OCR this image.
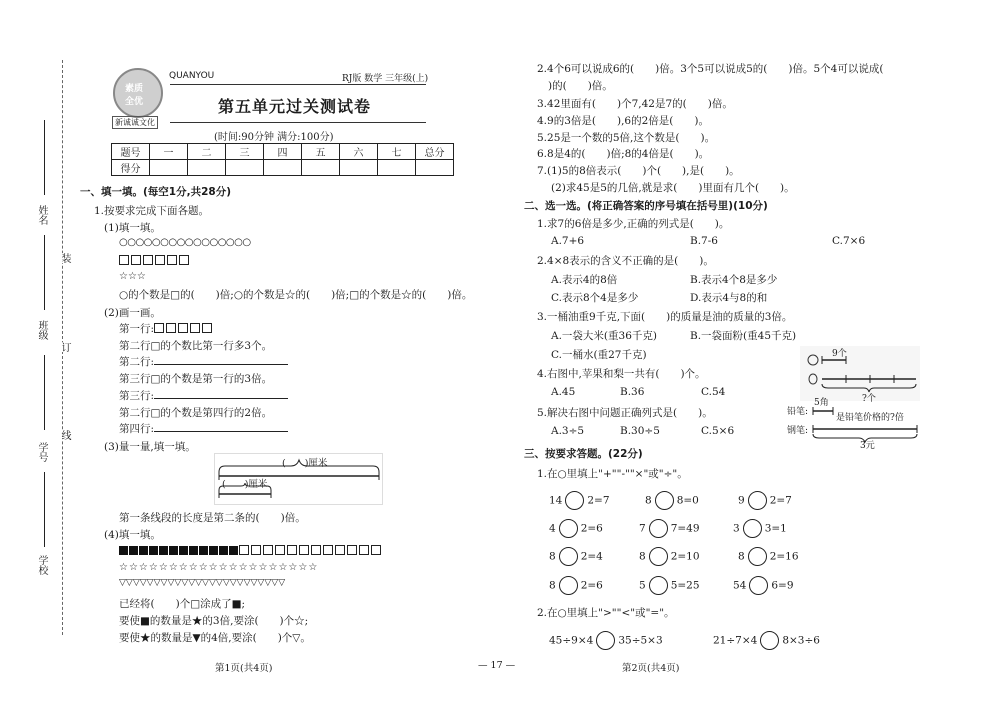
姓名
班级
学号
学校
装
订
线
素质
全优
新诚诚文化
QUANYOU	RJ版 数学 三年级(上)
第五单元过关测试卷
(时间:90分钟 满分:100分)
题号	一	二	三	四	五	六	七	总分
得分								
一、填一填。(每空1分,共28分)
1.按要求完成下面各题。
(1)填一填。
○○○○○○○○○○○○○○○○
☆☆☆
○的个数是□的(　　)倍;○的个数是☆的(　　)倍;□的个数是☆的(　　)倍。
(2)画一画。
第一行:
第二行□的个数比第一行多3个。
第二行:
第三行□的个数是第一行的3倍。
第三行:
第二行□的个数是第四行的2倍。
第四行:
(3)量一量,填一填。
(　　)厘米
(　　)厘米
第一条线段的长度是第二条的(　　)倍。
(4)填一填。
☆☆☆☆☆☆☆☆☆☆☆☆☆☆☆☆☆☆☆☆
▽▽▽▽▽▽▽▽▽▽▽▽▽▽▽▽▽▽▽▽▽▽▽▽
已经将(　　)个□涂成了■;
要使■的数量是★的3倍,要涂(　　)个☆;
要使★的数量是▼的4倍,要涂(　　)个▽。
第1页(共4页)	— 17 —
2.4个6可以说成6的(　　)倍。3个5可以说成5的(　　)倍。5个4可以说成(
)的(　　)倍。
3.42里面有(　　)个7,42是7的(　　)倍。
4.9的3倍是(　　),6的2倍是(　　)。
5.25是一个数的5倍,这个数是(　　)。
6.8是4的(　　)倍;8的4倍是(　　)。
7.(1)5的8倍表示(　　)个(　　),是(　　)。
(2)求45是5的几倍,就是求(　　)里面有几个(　　)。
二、选一选。(将正确答案的序号填在括号里)(10分)
1.求7的6倍是多少,正确的列式是(　　)。
A.7+6	B.7-6	C.7×6
2.4×8表示的含义不正确的是(　　)。
A.表示4的8倍	B.表示4个8是多少
C.表示8个4是多少	D.表示4与8的和
3.一桶油重9千克,下面(　　)的质量是油的质量的3倍。
A.一袋大米(重36千克)	B.一袋面粉(重45千克)
C.一桶水(重27千克)
4.右图中,苹果和梨一共有(　　)个。
A.45	B.36	C.54
5.解决右图中问题正确列式是(　　)。
A.3÷5	B.30÷5	C.5×6
9个
?个
5角
铅笔:
是铅笔价格的?倍
钢笔:
3元
三、按要求答题。(22分)
1.在○里填上"+""-""×"或"÷"。
14 2=7	8 8=0	9 2=7
4 2=6	7 7=49	3 3=1
8 2=4	8 2=10	8 2=16
8 2=6	5 5=25	54 6=9
2.在○里填上">""<"或"="。
45÷9×4 35÷5×3	21÷7×4 8×3÷6
第2页(共4页)
